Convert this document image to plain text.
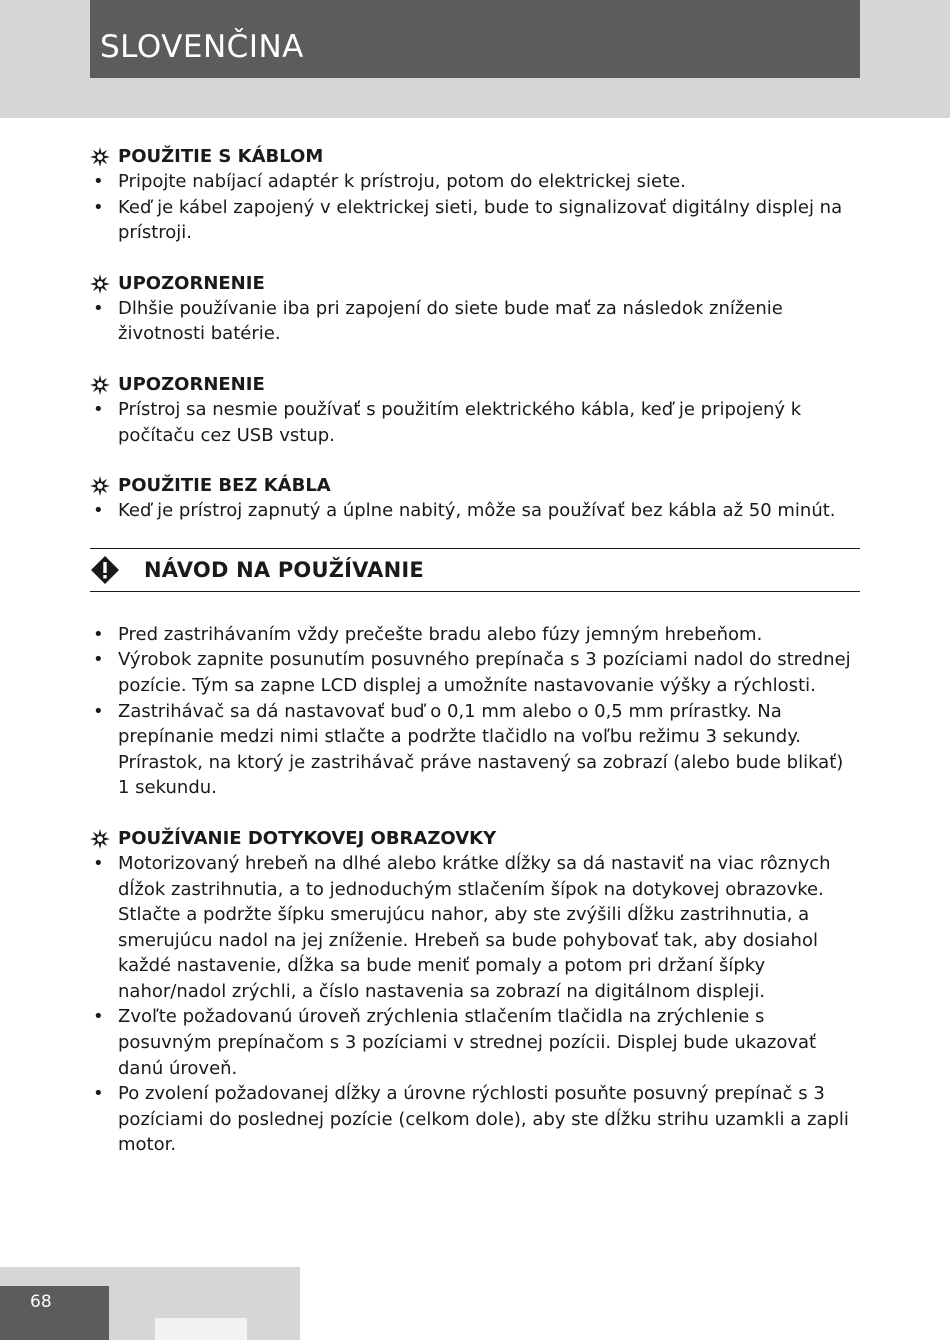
SLOVENČINA
POUŽITIE S KÁBLOM
• Pripojte nabíjací adaptér k prístroju, potom do elektrickej siete.
• Keď je kábel zapojený v elektrickej sieti, bude to signalizovať digitálny displej na prístroji.
UPOZORNENIE
• Dlhšie používanie iba pri zapojení do siete bude mať za následok zníženie životnosti batérie.
UPOZORNENIE
• Prístroj sa nesmie používať s použitím elektrického kábla, keď je pripojený k počítaču cez USB vstup.
POUŽITIE BEZ KÁBLA
• Keď je prístroj zapnutý a úplne nabitý, môže sa používať bez kábla až 50 minút.
NÁVOD NA POUŽÍVANIE
• Pred zastrihávaním vždy prečešte bradu alebo fúzy jemným hrebeňom.
• Výrobok zapnite posunutím posuvného prepínača s 3 pozíciami nadol do strednej pozície. Tým sa zapne LCD displej a umožníte nastavovanie výšky a rýchlosti.
• Zastrihávač sa dá nastavovať buď o 0,1 mm alebo o 0,5 mm prírastky. Na prepínanie medzi nimi stlačte a podržte tlačidlo na voľbu režimu 3 sekundy. Prírastok, na ktorý je zastrihávač práve nastavený sa zobrazí (alebo bude blikať) 1 sekundu.
POUŽÍVANIE DOTYKOVEJ OBRAZOVKY
• Motorizovaný hrebeň na dlhé alebo krátke dĺžky sa dá nastaviť na viac rôznych dĺžok zastrihnutia, a to jednoduchým stlačením šípok na dotykovej obrazovke. Stlačte a podržte šípku smerujúcu nahor, aby ste zvýšili dĺžku zastrihnutia, a smerujúcu nadol na jej zníženie. Hrebeň sa bude pohybovať tak, aby dosiahol každé nastavenie, dĺžka sa bude meniť pomaly a potom pri držaní šípky nahor/nadol zrýchli, a číslo nastavenia sa zobrazí na digitálnom displeji.
• Zvoľte požadovanú úroveň zrýchlenia stlačením tlačidla na zrýchlenie s posuvným prepínačom s 3 pozíciami v strednej pozícii. Displej bude ukazovať danú úroveň.
• Po zvolení požadovanej dĺžky a úrovne rýchlosti posuňte posuvný prepínač s 3 pozíciami do poslednej pozície (celkom dole), aby ste dĺžku strihu uzamkli a zapli motor.
68
